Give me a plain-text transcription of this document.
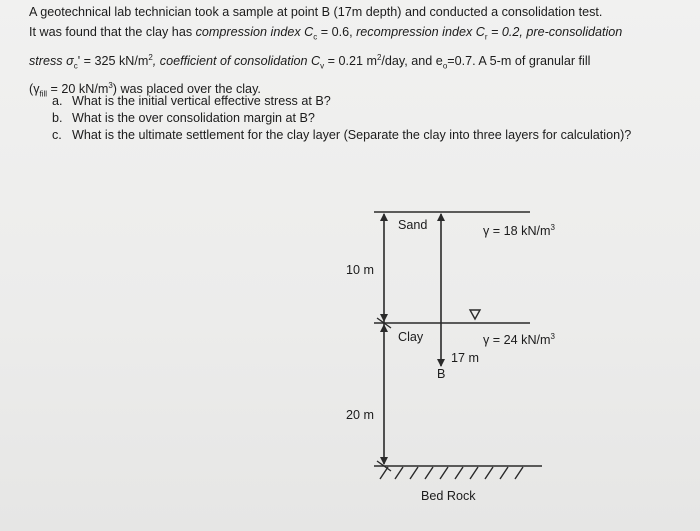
A geotechnical lab technician took a sample at point B (17m depth) and conducted a consolidation test.

It was found that the clay has compression index $C_c = 0.6$, recompression index $C_r = 0.2$, pre-consolidation

stress $\sigma_c' = 325$ $kN/m^2$, coefficient of consolidation $C_v = 0.21$ $m^2$/day, and $e_o=0.7$. A 5-m of granular fill

($\gamma_{fill} = 20$ $kN/m^3$) was placed over the clay.

a. What is the initial vertical effective stress at B?
b. What is the over consolidation margin at B?
c. What is the ultimate settlement for the clay layer (Separate the clay into three layers for calculation)?
Sand	γ = 18 $kN/m^3$
10 m
Clay	γ = 24 $kN/m^3$
17 m
B
20 m
Bed Rock
